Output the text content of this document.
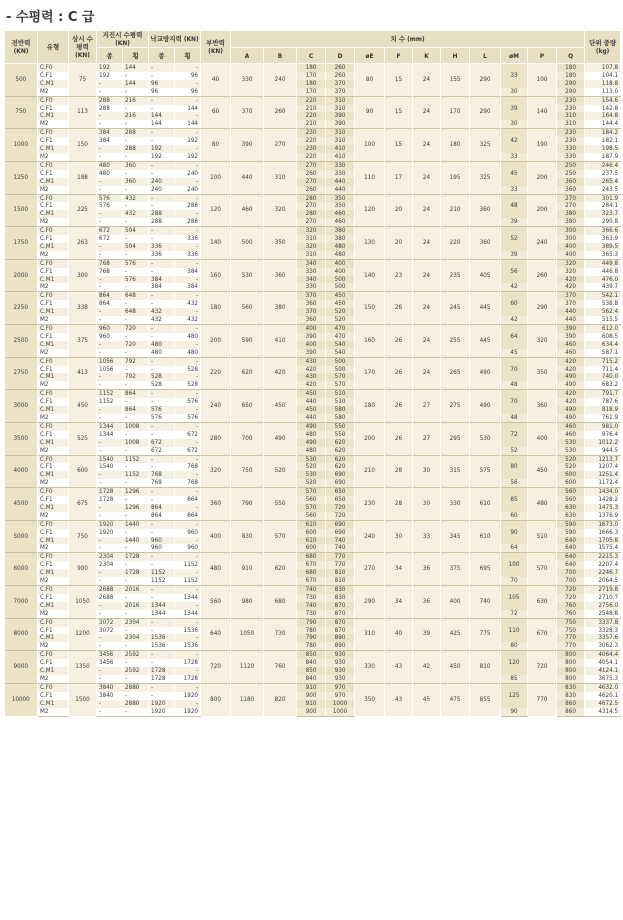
- 수평력 : C 급
전반력 (KN)	유형	상시 수평력 (KN)	지진시 수평력 (KN)		낙교방지력 (KN)		부반력 (KN)	치 수 (mm)												단위 중량 (kg)
			종	횡	종	횡		A	B	C	D	øE	F	K	H	L	øM	P	Q	
500	C.F0	75	192	144	-	-	40	330	240	180	260	80	15	24	155	290	33	100	180	107.8
	C.F1		192	-	-	96				170	260								180	104.1
	C.M1		-	144	96	-				180	370								290	118.8
	M2		-	-	96	96				170	370						30		290	113.0
750	C.F0	113	288	216	-	-	60	370	260	220	310	90	15	24	170	290	39	140	230	154.6
	C.F1		288	-	-	144				210	310								230	142.8
	C.M1		-	216	144	-				220	390								310	164.8
	M2		-	-	144	144				210	390						30		310	144.4
1000	C.F0	150	384	288	-	-	80	390	270	230	310	100	15	24	180	325	42	190	230	184.2
	C.F1		384	-	-	192				220	310								230	182.1
	C.M1		-	288	192	-				230	410								330	198.5
	M2		-	-	192	192				220	410						33		330	187.9
1250	C.F0	188	480	360	-	-	100	440	310	270	330	110	17	24	195	325	45	200	250	246.4
	C.F1		480	-	-	240				260	330								250	237.5
	C.M1		-	360	240	-				270	440								360	265.4
	M2		-	-	240	240				260	440						33		360	243.5
1500	C.F0	225	576	432	-	-	120	460	320	280	350	120	20	24	210	360	48	200	270	301.9
	C.F1		576	-	-	288				270	350								270	284.1
	C.M1		-	432	288	-				280	460								380	323.7
	M2		-	-	288	288				270	460						39		380	290.8
1750	C.F0	263	672	504	-	-	140	500	350	320	380	130	20	24	220	360	52	240	300	366.6
	C.F1		672	-	-	336				310	380								300	363.9
	C.M1		-	504	336	-				320	480								400	389.5
	M2		-	-	336	336				310	480						39		400	365.3
2000	C.F0	300	768	576	-	-	160	530	360	340	400	140	23	24	235	405	56	260	320	449.8
	C.F1		768	-	-	384				330	400								320	446.8
	C.M1		-	576	384	-				340	500								420	476.0
	M2		-	-	384	384				330	500						42		420	439.7
2250	C.F0	338	864	648	-	-	180	560	380	370	450	150	26	24	245	445	60	290	370	542.1
	C.F1		864	-	-	432				360	450								370	538.8
	C.M1		-	648	432	-				370	520								440	562.4
	M2		-	-	432	432				360	520						42		440	515.5
2500	C.F0	375	960	720	-	-	200	590	410	400	470	160	26	24	255	445	64	320	390	612.0
	C.F1		960	-	-	480				390	470								390	608.5
	C.M1		-	720	480	-				400	540								460	634.4
	M2		-	-	480	480				390	540						45		460	587.1
2750	C.F0	413	1056	792	-	-	220	620	420	430	500	170	26	24	265	490	70	350	420	715.2
	C.F1		1056	-	-	528				420	500								420	711.4
	C.M1		-	792	528	-				430	570								490	740.0
	M2		-	-	528	528				420	570						48		490	683.2
3000	C.F0	450	1152	864	-	-	240	650	450	450	510	180	26	27	275	490	70	360	420	791.7
	C.F1		1152	-	-	576				440	510								420	787.6
	C.M1		-	864	576	-				450	580								490	818.9
	M2		-	-	576	576				440	580						48		490	761.9
3500	C.F0	525	1344	1008	-	-	280	700	490	490	550	200	26	27	295	530	72	400	460	981.0
	C.F1		1344	-	-	672				480	550								460	976.4
	C.M1		-	1008	672	-				490	620								530	1012.2
	M2		-	-	672	672				480	620						52		530	944.5
4000	C.F0	600	1540	1152	-	-	320	750	520	530	620	210	28	30	315	575	80	450	520	1213.7
	C.F1		1540	-	-	768				520	620								520	1207.4
	C.M1		-	1152	768	-				530	690								600	1251.4
	M2		-	-	768	768				520	690						56		600	1172.4
4500	C.F0	675	1728	1296	-	-	360	790	550	570	650	230	28	30	330	610	85	480	560	1434.0
	C.F1		1728	-	-	864				560	650								560	1428.2
	C.M1		-	1296	864	-				570	720								630	1475.3
	M2		-	-	864	864				560	720						60		630	1376.9
5000	C.F0	750	1920	1440	-	-	400	830	570	610	690	240	30	33	345	610	90	510	590	1673.0
	C.F1		1920	-	-	960				600	690								590	1666.3
	C.M1		-	1440	960	-				610	740								640	1705.8
	M2		-	-	960	960				600	740						64		640	1575.4
6000	C.F0	900	2304	1728	-	-	480	910	620	680	770	270	34	36	375	695	100	570	640	2215.3
	C.F1		2304	-	-	1152				670	770								640	2207.4
	C.M1		-	1728	1152	-				680	810								700	2246.7
	M2		-	-	1152	1152				670	810						70		700	2064.5
7000	C.F0	1050	2688	2016	-	-	560	980	680	740	830	290	34	36	400	740	105	630	720	2719.8
	C.F1		2688	-	-	1344				730	830								720	2710.7
	C.M1		-	2016	1344	-				740	870								760	2756.0
	M2		-	-	1344	1344				730	870						72		760	2548.8
8000	C.F0	1200	3072	2304	-	-	640	1050	730	790	870	310	40	39	425	775	110	670	750	3337.8
	C.F1		3072	-	-	1536				780	870								750	3328.3
	C.M1		-	2304	1536	-				790	890								770	3357.6
	M2		-	-	1536	1536				780	890						80		770	3062.3
9000	C.F0	1350	3456	2592	-	-	720	1120	760	850	930	330	43	42	450	810	120	720	800	4064.4
	C.F1		3456	-	-	1728				840	930								800	4054.1
	C.M1		-	2592	1728	-				850	930								800	4124.1
	M2		-	-	1728	1728				840	930						85		800	3675.3
10000	C.F0	1500	3840	2880	-	-	800	1180	820	910	970	350	43	45	475	855	125	770	830	4632.0
	C.F1		3840	-	-	1920				900	970								830	4620.1
	C.M1		-	2880	1920	-				910	1000								860	4672.5
	M2		-	-	1920	1920				900	1000						90		860	4314.5
